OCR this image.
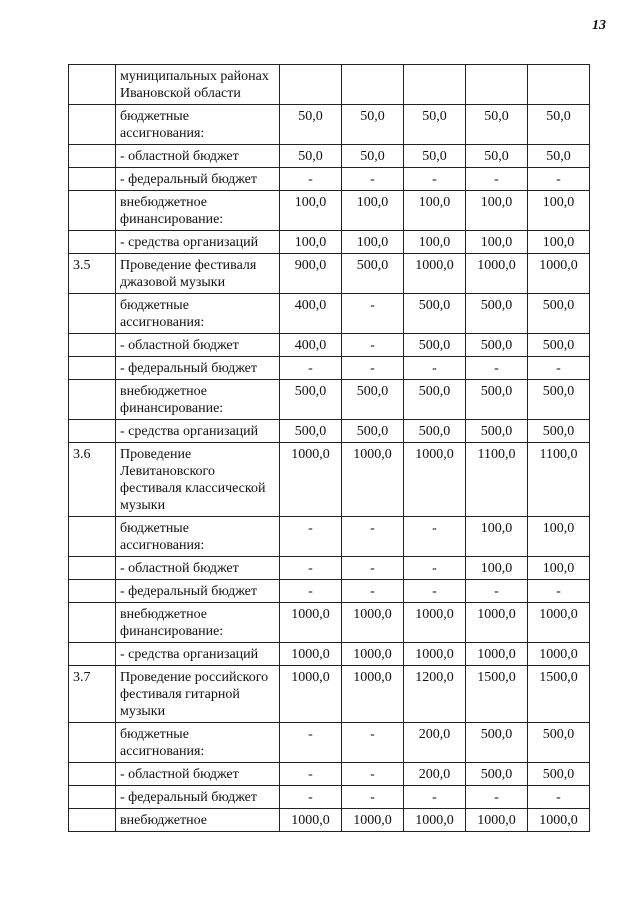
13
	муниципальных районах Ивановской области					
	бюджетные ассигнования:	50,0	50,0	50,0	50,0	50,0
	- областной бюджет	50,0	50,0	50,0	50,0	50,0
	- федеральный бюджет	-	-	-	-	-
	внебюджетное финансирование:	100,0	100,0	100,0	100,0	100,0
	- средства организаций	100,0	100,0	100,0	100,0	100,0
3.5	Проведение фестиваля джазовой музыки	900,0	500,0	1000,0	1000,0	1000,0
	бюджетные ассигнования:	400,0	-	500,0	500,0	500,0
	- областной бюджет	400,0	-	500,0	500,0	500,0
	- федеральный бюджет	-	-	-	-	-
	внебюджетное финансирование:	500,0	500,0	500,0	500,0	500,0
	- средства организаций	500,0	500,0	500,0	500,0	500,0
3.6	Проведение Левитановского фестиваля классической музыки	1000,0	1000,0	1000,0	1100,0	1100,0
	бюджетные ассигнования:	-	-	-	100,0	100,0
	- областной бюджет	-	-	-	100,0	100,0
	- федеральный бюджет	-	-	-	-	-
	внебюджетное финансирование:	1000,0	1000,0	1000,0	1000,0	1000,0
	- средства организаций	1000,0	1000,0	1000,0	1000,0	1000,0
3.7	Проведение российского фестиваля гитарной музыки	1000,0	1000,0	1200,0	1500,0	1500,0
	бюджетные ассигнования:	-	-	200,0	500,0	500,0
	- областной бюджет	-	-	200,0	500,0	500,0
	- федеральный бюджет	-	-	-	-	-
	внебюджетное	1000,0	1000,0	1000,0	1000,0	1000,0
